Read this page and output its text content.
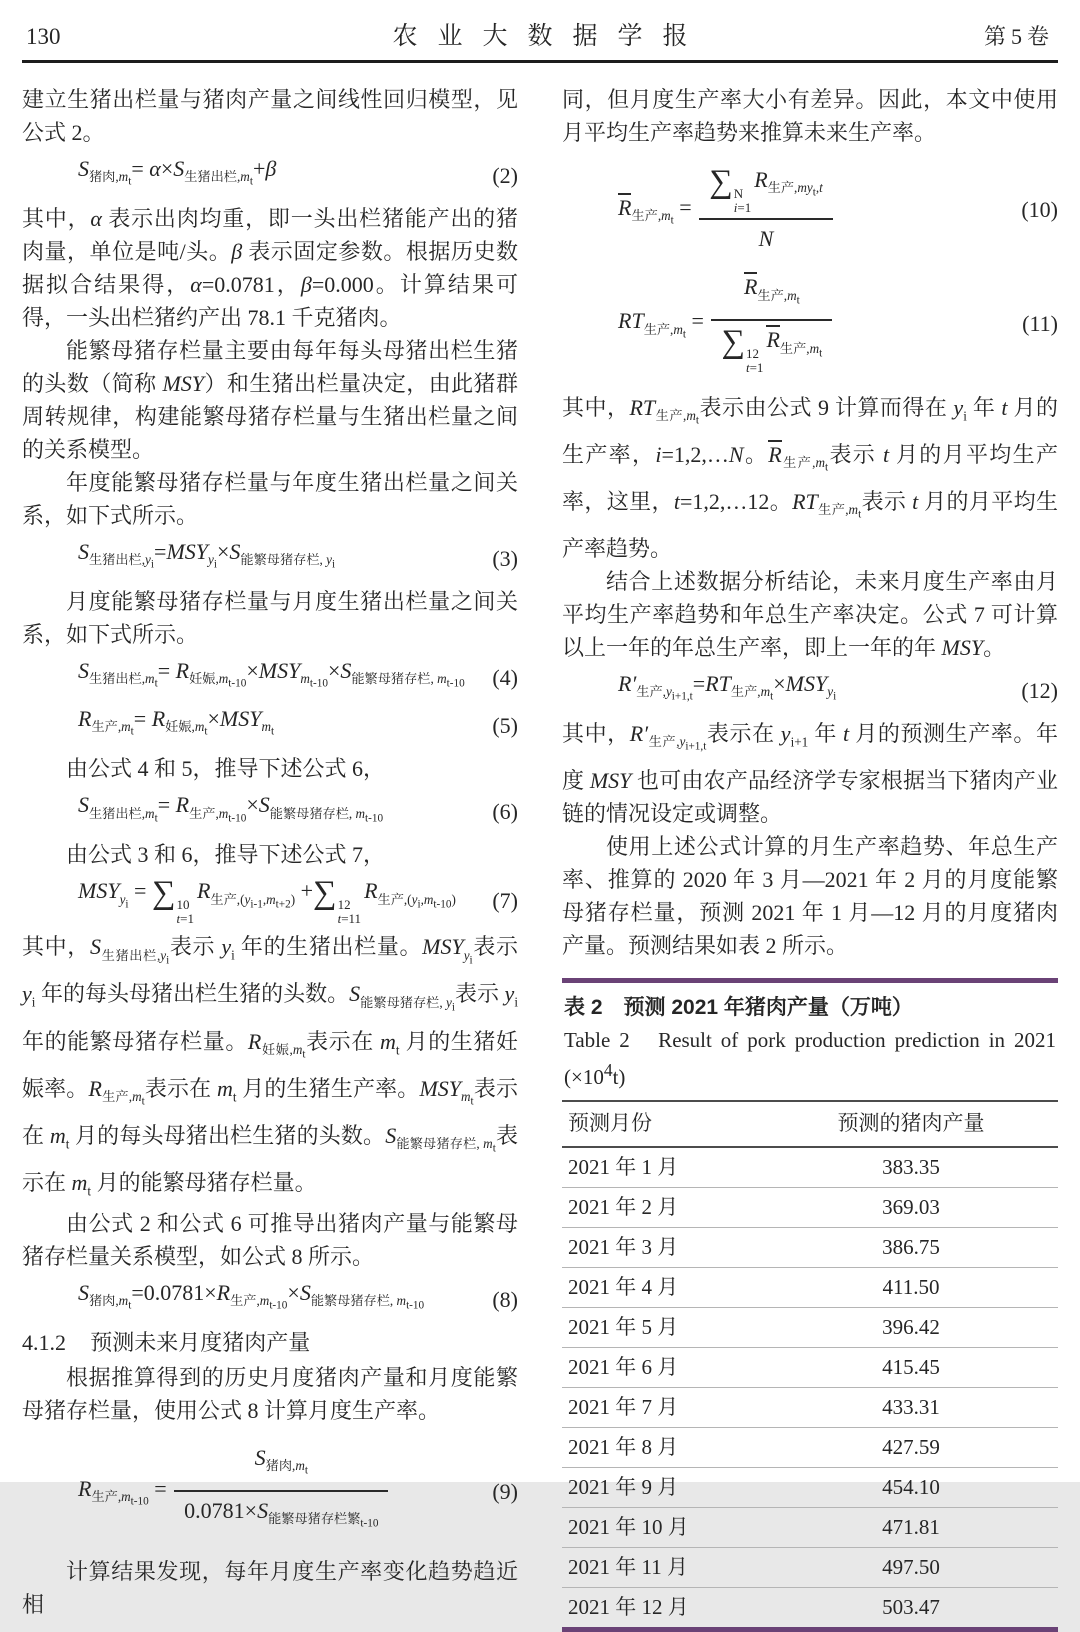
130	农业大数据学报	第5卷

建立生猪出栏量与猪肉产量之间线性回归模型，见公式 2。

$S_{猪肉,m_t}= \alpha\times S_{生猪出栏,m_t}+\beta$	(2)

其中，α 表示出肉均重，即一头出栏猪能产出的猪肉量，单位是吨/头。β 表示固定参数。根据历史数据拟合结果得，α=0.0781，β=0.000。计算结果可得，一头出栏猪约产出 78.1 千克猪肉。

能繁母猪存栏量主要由每年每头母猪出栏生猪的头数（简称 MSY）和生猪出栏量决定，由此猪群周转规律，构建能繁母猪存栏量与生猪出栏量之间的关系模型。

年度能繁母猪存栏量与年度生猪出栏量之间关系，如下式所示。

$S_{生猪出栏,y_i}=MSY_{y_i}\times S_{能繁母猪存栏, y_i}$	(3)

月度能繁母猪存栏量与月度生猪出栏量之间关系，如下式所示。

$S_{生猪出栏,m_t}= R_{妊娠,m_{t-10}}\times MSY_{m_{t-10}}\times S_{能繁母猪存栏, m_{t-10}}$	(4)
$R_{生产,m_t}= R_{妊娠,m_t}\times MSY_{m_t}$	(5)

由公式 4 和 5，推导下述公式 6，

$S_{生猪出栏,m_t}= R_{生产,m_{t-10}}\times S_{能繁母猪存栏, m_{t-10}}$	(6)

由公式 3 和 6，推导下述公式 7，

$MSY_{y_i}$ = ∑ 10
t=1
$R_{生产,(y_{i-1},m_{t+2})}$ +∑ 12
t=11
$R_{生产,(y_i,m_{t-10})}$	(7)

其中，$S_{生猪出栏,y_i}$表示 $y_i$ 年的生猪出栏量。$MSY_{y_i}$表示 $y_i$ 年的每头母猪出栏生猪的头数。$S_{能繁母猪存栏, y_i}$表示 $y_i$ 年的能繁母猪存栏量。$R_{妊娠,m_t}$表示在 $m_t$ 月的生猪妊娠率。$R_{生产,m_t}$表示在 $m_t$ 月的生猪生产率。$MSY_{m_t}$表示在 $m_t$ 月的每头母猪出栏生猪的头数。$S_{能繁母猪存栏, m_t}$表示在 $m_t$ 月的能繁母猪存栏量。

由公式 2 和公式 6 可推导出猪肉产量与能繁母猪存栏量关系模型，如公式 8 所示。

$S_{猪肉,m_t}=0.0781\times R_{生产,m_{t-10}}\times S_{能繁母猪存栏, m_{t-10}}$	(8)
4.1.2 预测未来月度猪肉产量

根据推算得到的历史月度猪肉产量和月度能繁母猪存栏量，使用公式 8 计算月度生产率。

$R_{生产,m_{t-10}} = \frac{S_{猪肉,m_t}}{0.0781\times S_{能繁母猪存栏繁_{t-10}}}$	(9)

计算结果发现，每年月度生产率变化趋势趋近相

同，但月度生产率大小有差异。因此，本文中使用月平均生产率趋势来推算未来生产率。

$R_{生产,m_t}$ = ∑ N
i=1
$R_{生产,my_t,t}$
N	(10)
$RT_{生产,m_t} = R_{生产,m_t}$
∑ 12
t=1
$R_{生产,m_t}$	(11)

其中，$RT_{生产,m_t}$表示由公式 9 计算而得在 $y_i$ 年 t 月的生产率，i=1,2,…N。$R_{生产,m_t}$表示 t 月的月平均生产率，这里，t=1,2,…12。$RT_{生产,m_t}$表示 t 月的月平均生产率趋势。

结合上述数据分析结论，未来月度生产率由月平均生产率趋势和年总生产率决定。公式 7 可计算以上一年的年总生产率，即上一年的年 MSY。

$R'_{生产,y_{i+1,t}}=RT_{生产,m_t}\times MSY_{y_i}$	(12)

其中，$R'_{生产,y_{i+1,t}}$表示在 $y_{i+1}$ 年 t 月的预测生产率。年度 MSY 也可由农产品经济学专家根据当下猪肉产业链的情况设定或调整。

使用上述公式计算的月生产率趋势、年总生产率、推算的 2020 年 3 月—2021 年 2 月的月度能繁母猪存栏量，预测 2021 年 1 月—12 月的月度猪肉产量。预测结果如表 2 所示。

表 2　预测 2021 年猪肉产量（万吨）
Table 2　Result of pork production prediction in 2021 $(\times 10^4t)$
预测月份	预测的猪肉产量
2021 年 1 月	383.35
2021 年 2 月	369.03
2021 年 3 月	386.75
2021 年 4 月	411.50
2021 年 5 月	396.42
2021 年 6 月	415.45
2021 年 7 月	433.31
2021 年 8 月	427.59
2021 年 9 月	454.10
2021 年 10 月	471.81
2021 年 11 月	497.50
2021 年 12 月	503.47
